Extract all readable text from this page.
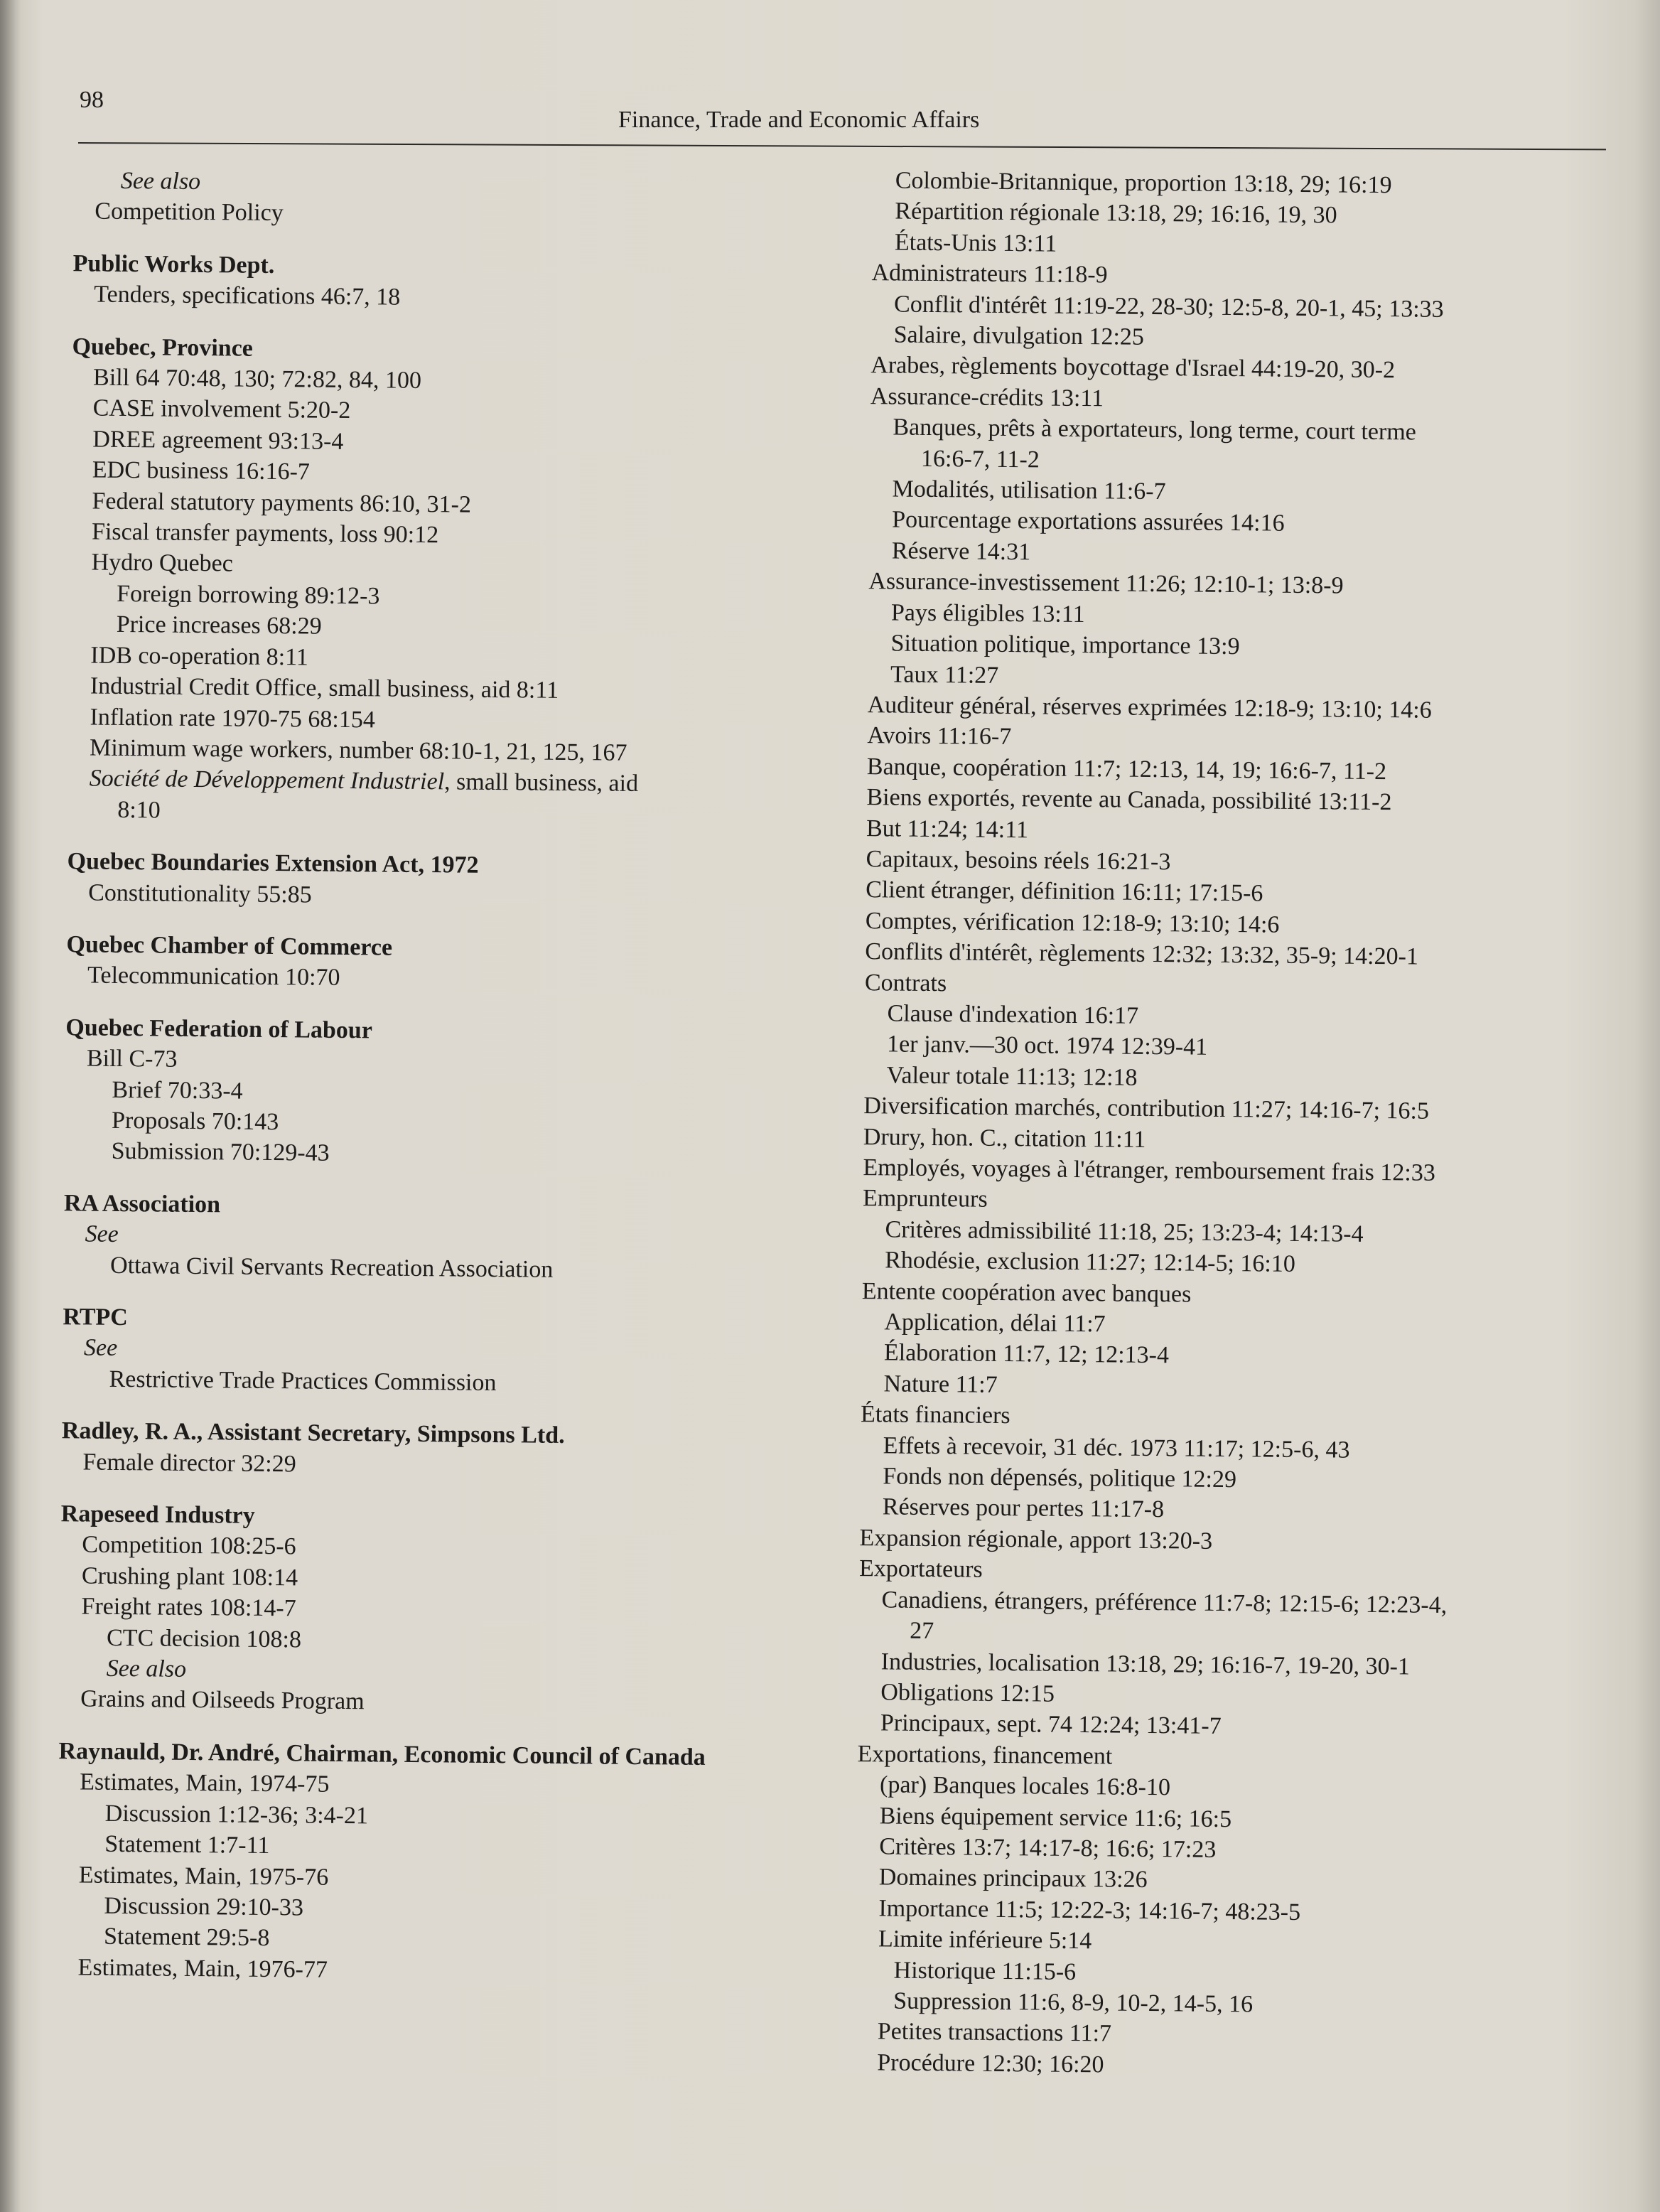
98
Finance, Trade and Economic Affairs
See also
Competition Policy
Public Works Dept.
Tenders, specifications 46:7, 18
Quebec, Province
Bill 64 70:48, 130; 72:82, 84, 100
CASE involvement 5:20-2
DREE agreement 93:13-4
EDC business 16:16-7
Federal statutory payments 86:10, 31-2
Fiscal transfer payments, loss 90:12
Hydro Quebec
Foreign borrowing 89:12-3
Price increases 68:29
IDB co-operation 8:11
Industrial Credit Office, small business, aid 8:11
Inflation rate 1970-75 68:154
Minimum wage workers, number 68:10-1, 21, 125, 167
Société de Développement Industriel, small business, aid
8:10
Quebec Boundaries Extension Act, 1972
Constitutionality 55:85
Quebec Chamber of Commerce
Telecommunication 10:70
Quebec Federation of Labour
Bill C-73
Brief 70:33-4
Proposals 70:143
Submission 70:129-43
RA Association
See
Ottawa Civil Servants Recreation Association
RTPC
See
Restrictive Trade Practices Commission
Radley, R. A., Assistant Secretary, Simpsons Ltd.
Female director 32:29
Rapeseed Industry
Competition 108:25-6
Crushing plant 108:14
Freight rates 108:14-7
CTC decision 108:8
See also
Grains and Oilseeds Program
Raynauld, Dr. André, Chairman, Economic Council of Canada
Estimates, Main, 1974-75
Discussion 1:12-36; 3:4-21
Statement 1:7-11
Estimates, Main, 1975-76
Discussion 29:10-33
Statement 29:5-8
Estimates, Main, 1976-77
Colombie-Britannique, proportion 13:18, 29; 16:19
Répartition régionale 13:18, 29; 16:16, 19, 30
États-Unis 13:11
Administrateurs 11:18-9
Conflit d'intérêt 11:19-22, 28-30; 12:5-8, 20-1, 45; 13:33
Salaire, divulgation 12:25
Arabes, règlements boycottage d'Israel 44:19-20, 30-2
Assurance-crédits 13:11
Banques, prêts à exportateurs, long terme, court terme
16:6-7, 11-2
Modalités, utilisation 11:6-7
Pourcentage exportations assurées 14:16
Réserve 14:31
Assurance-investissement 11:26; 12:10-1; 13:8-9
Pays éligibles 13:11
Situation politique, importance 13:9
Taux 11:27
Auditeur général, réserves exprimées 12:18-9; 13:10; 14:6
Avoirs 11:16-7
Banque, coopération 11:7; 12:13, 14, 19; 16:6-7, 11-2
Biens exportés, revente au Canada, possibilité 13:11-2
But 11:24; 14:11
Capitaux, besoins réels 16:21-3
Client étranger, définition 16:11; 17:15-6
Comptes, vérification 12:18-9; 13:10; 14:6
Conflits d'intérêt, règlements 12:32; 13:32, 35-9; 14:20-1
Contrats
Clause d'indexation 16:17
1er janv.—30 oct. 1974 12:39-41
Valeur totale 11:13; 12:18
Diversification marchés, contribution 11:27; 14:16-7; 16:5
Drury, hon. C., citation 11:11
Employés, voyages à l'étranger, remboursement frais 12:33
Emprunteurs
Critères admissibilité 11:18, 25; 13:23-4; 14:13-4
Rhodésie, exclusion 11:27; 12:14-5; 16:10
Entente coopération avec banques
Application, délai 11:7
Élaboration 11:7, 12; 12:13-4
Nature 11:7
États financiers
Effets à recevoir, 31 déc. 1973 11:17; 12:5-6, 43
Fonds non dépensés, politique 12:29
Réserves pour pertes 11:17-8
Expansion régionale, apport 13:20-3
Exportateurs
Canadiens, étrangers, préférence 11:7-8; 12:15-6; 12:23-4,
27
Industries, localisation 13:18, 29; 16:16-7, 19-20, 30-1
Obligations 12:15
Principaux, sept. 74 12:24; 13:41-7
Exportations, financement
(par) Banques locales 16:8-10
Biens équipement service 11:6; 16:5
Critères 13:7; 14:17-8; 16:6; 17:23
Domaines principaux 13:26
Importance 11:5; 12:22-3; 14:16-7; 48:23-5
Limite inférieure 5:14
Historique 11:15-6
Suppression 11:6, 8-9, 10-2, 14-5, 16
Petites transactions 11:7
Procédure 12:30; 16:20
